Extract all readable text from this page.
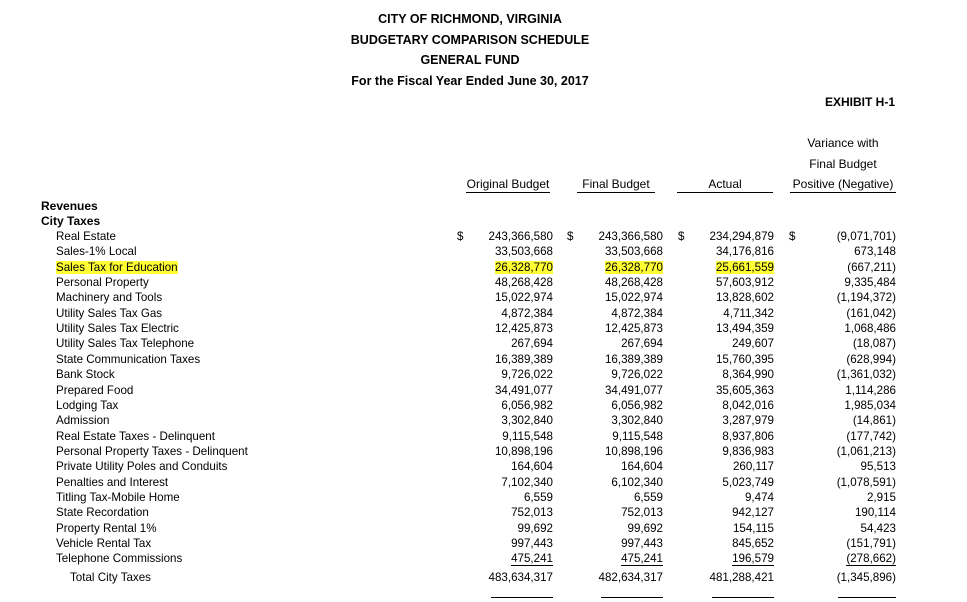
CITY OF RICHMOND, VIRGINIA
BUDGETARY COMPARISON SCHEDULE
GENERAL FUND
For the Fiscal Year Ended June 30, 2017
EXHIBIT H-1
Original Budget	Final Budget	Actual
Variance with
Final Budget
Positive (Negative)
Revenues
City Taxes
Real Estate	243,366,580	243,366,580	234,294,879	(9,071,701)
$	$	$	$
Sales-1% Local	33,503,668	33,503,668	34,176,816	673,148
Sales Tax for Education	26,328,770	26,328,770	25,661,559	(667,211)
Personal Property	48,268,428	48,268,428	57,603,912	9,335,484
Machinery and Tools	15,022,974	15,022,974	13,828,602	(1,194,372)
Utility Sales Tax Gas	4,872,384	4,872,384	4,711,342	(161,042)
Utility Sales Tax Electric	12,425,873	12,425,873	13,494,359	1,068,486
Utility Sales Tax Telephone	267,694	267,694	249,607	(18,087)
State Communication Taxes	16,389,389	16,389,389	15,760,395	(628,994)
Bank Stock	9,726,022	9,726,022	8,364,990	(1,361,032)
Prepared Food	34,491,077	34,491,077	35,605,363	1,114,286
Lodging Tax	6,056,982	6,056,982	8,042,016	1,985,034
Admission	3,302,840	3,302,840	3,287,979	(14,861)
Real Estate Taxes - Delinquent	9,115,548	9,115,548	8,937,806	(177,742)
Personal Property Taxes - Delinquent	10,898,196	10,898,196	9,836,983	(1,061,213)
Private Utility Poles and Conduits	164,604	164,604	260,117	95,513
Penalties and Interest	7,102,340	6,102,340	5,023,749	(1,078,591)
Titling Tax-Mobile Home	6,559	6,559	9,474	2,915
State Recordation	752,013	752,013	942,127	190,114
Property Rental 1%	99,692	99,692	154,115	54,423
Vehicle Rental Tax	997,443	997,443	845,652	(151,791)
Telephone Commissions	475,241	475,241	196,579	(278,662)
Total City Taxes	483,634,317	482,634,317	481,288,421	(1,345,896)
